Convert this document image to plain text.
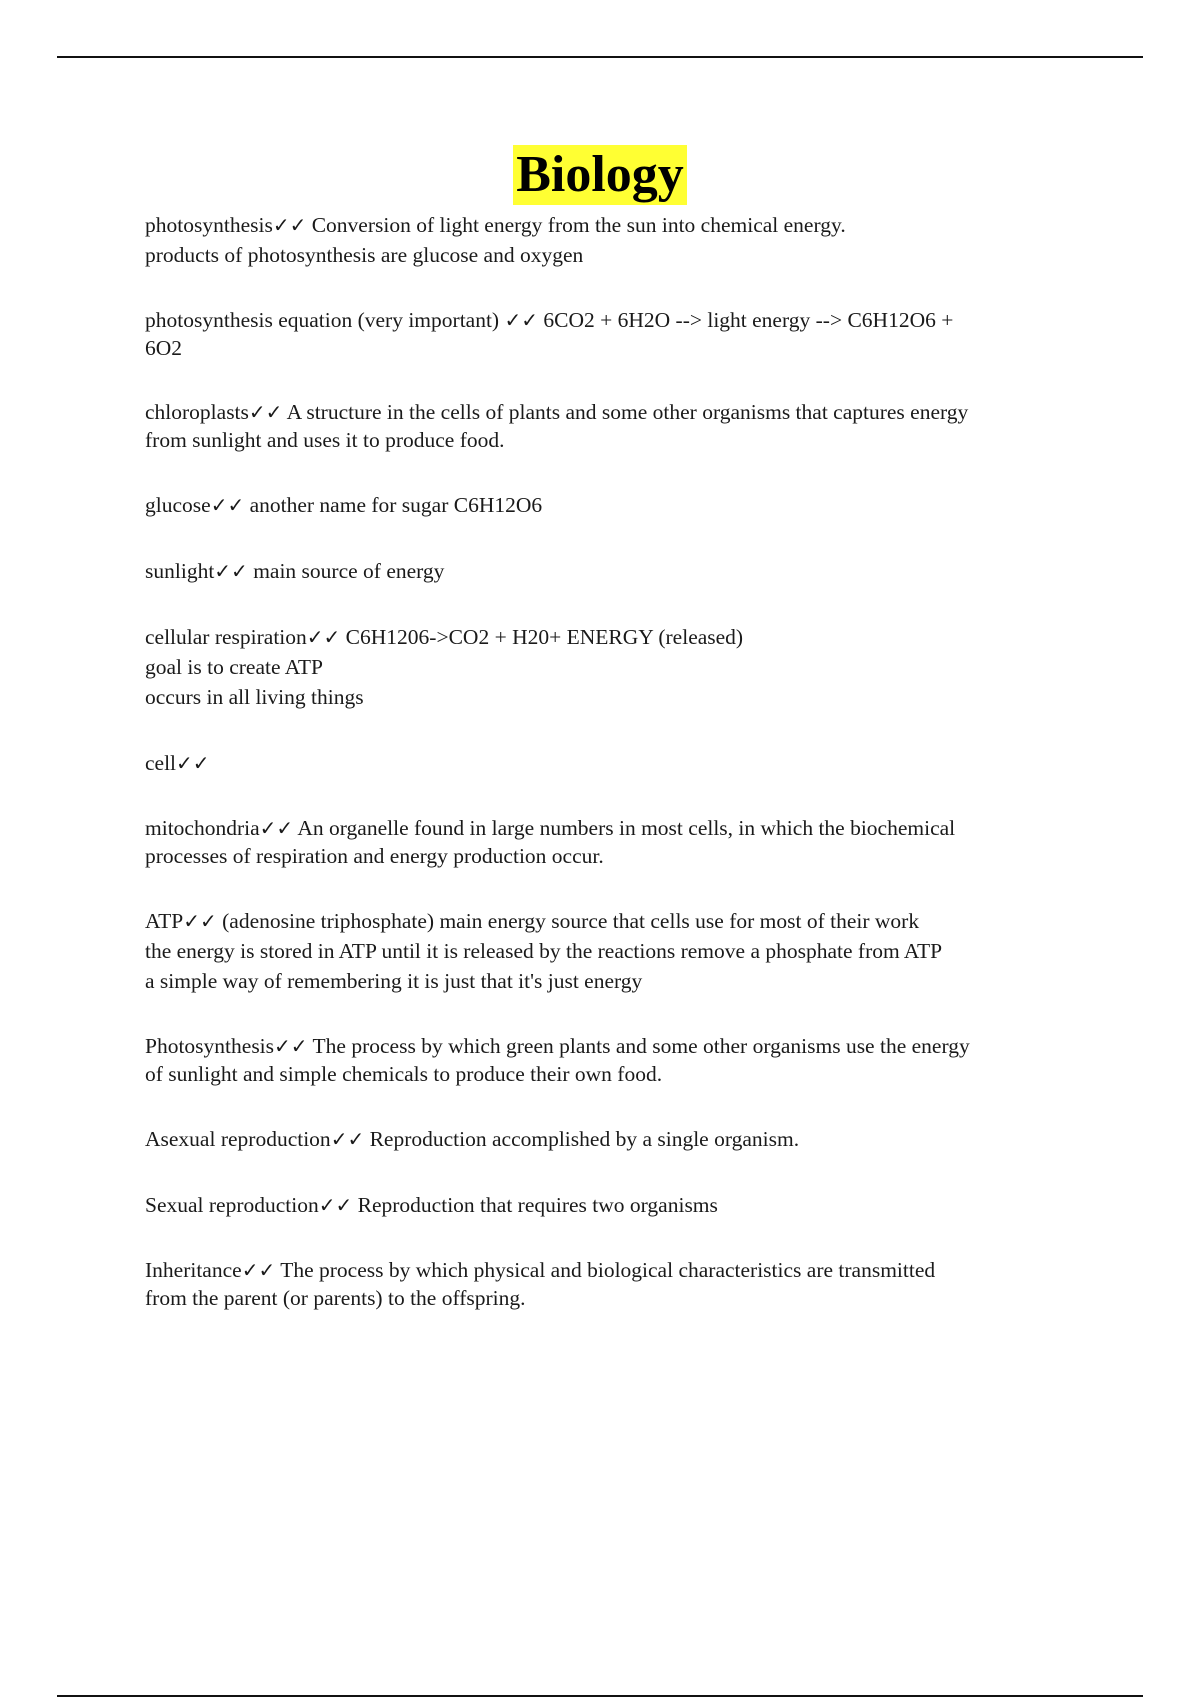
Biology
photosynthesis✓✓ Conversion of light energy from the sun into chemical energy.
products of photosynthesis are glucose and oxygen
photosynthesis equation (very important) ✓✓ 6CO2 + 6H2O --> light energy --> C6H12O6 +
6O2
chloroplasts✓✓ A structure in the cells of plants and some other organisms that captures energy
from sunlight and uses it to produce food.
glucose✓✓ another name for sugar C6H12O6
sunlight✓✓ main source of energy
cellular respiration✓✓ C6H1206->CO2 + H20+ ENERGY (released)
goal is to create ATP
occurs in all living things
cell✓✓
mitochondria✓✓ An organelle found in large numbers in most cells, in which the biochemical
processes of respiration and energy production occur.
ATP✓✓ (adenosine triphosphate) main energy source that cells use for most of their work
the energy is stored in ATP until it is released by the reactions remove a phosphate from ATP
a simple way of remembering it is just that it's just energy
Photosynthesis✓✓ The process by which green plants and some other organisms use the energy
of sunlight and simple chemicals to produce their own food.
Asexual reproduction✓✓ Reproduction accomplished by a single organism.
Sexual reproduction✓✓ Reproduction that requires two organisms
Inheritance✓✓ The process by which physical and biological characteristics are transmitted
from the parent (or parents) to the offspring.
